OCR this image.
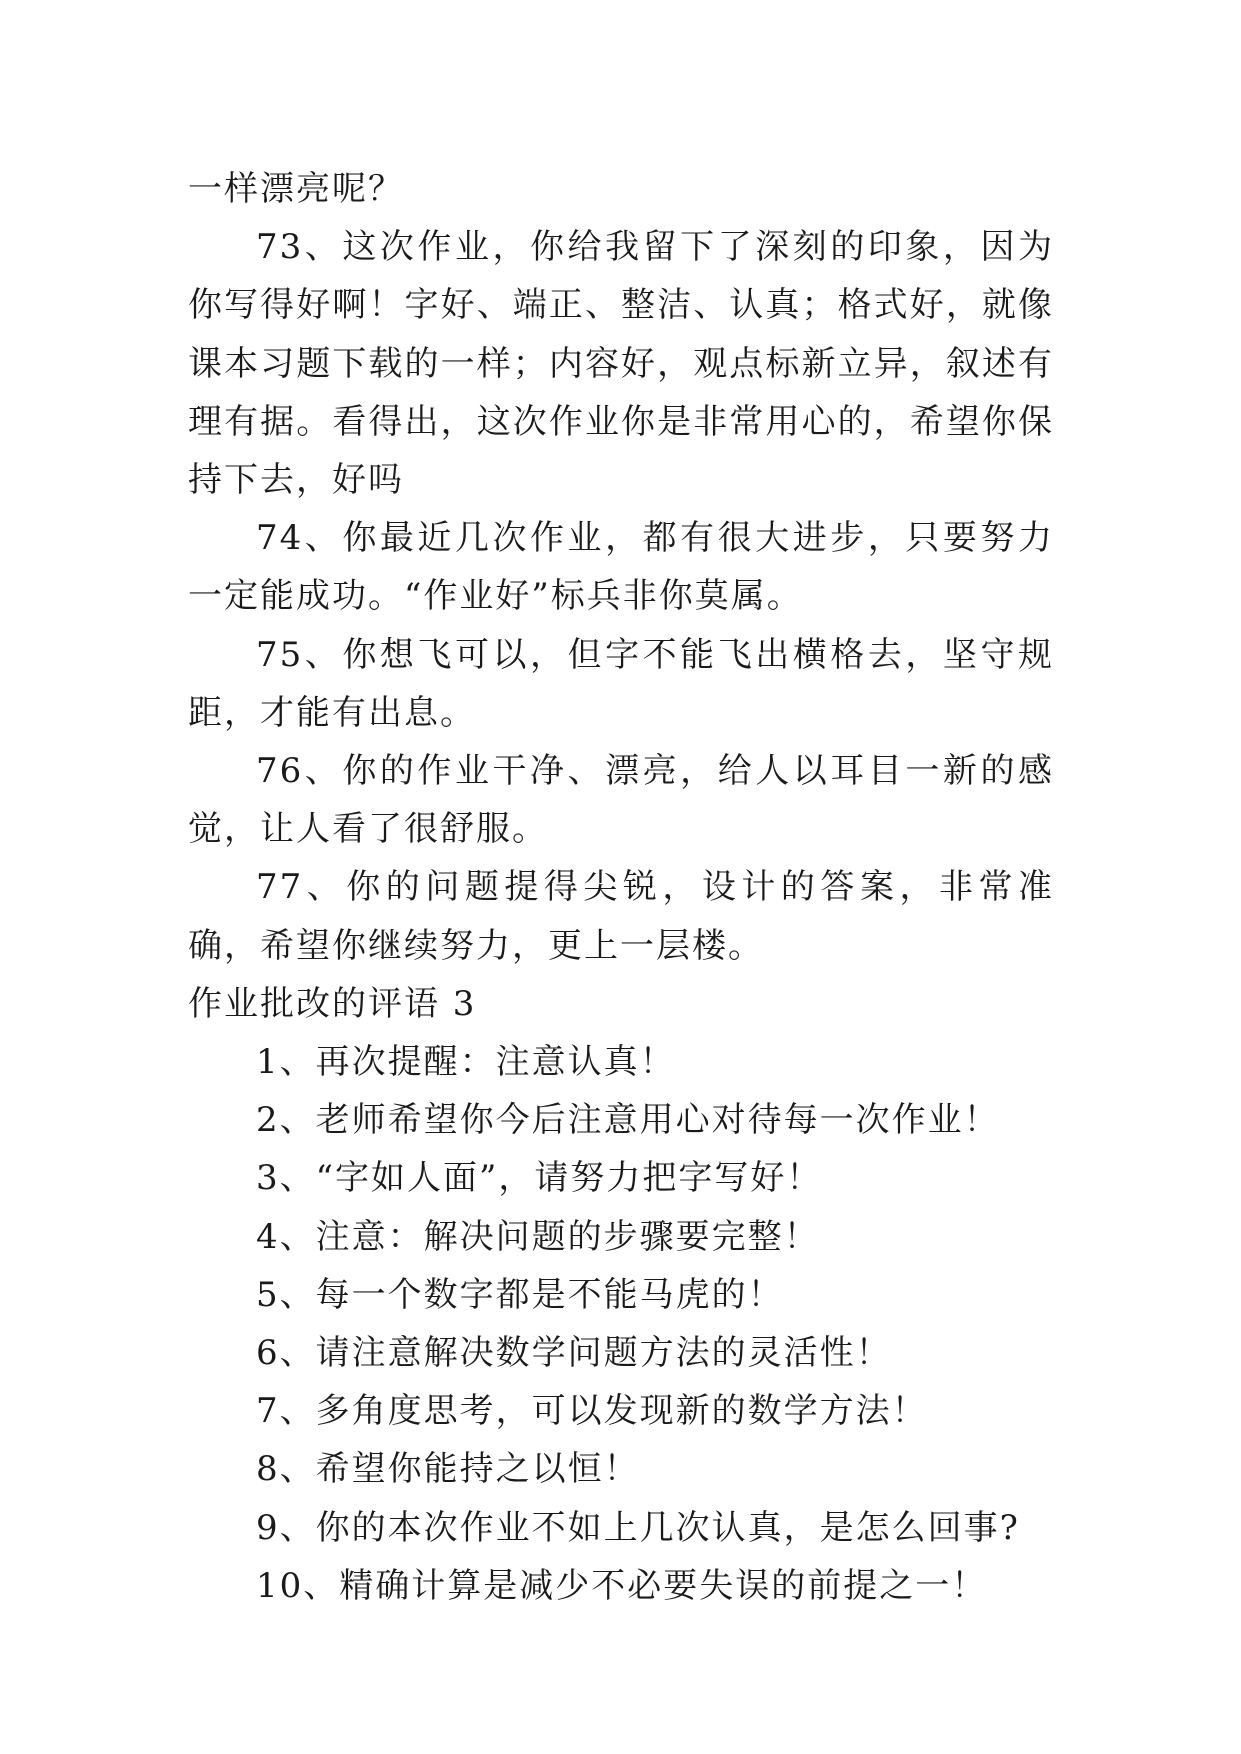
一样漂亮呢？

73、这次作业，你给我留下了深刻的印象，因为你写得好啊！字好、端正、整洁、认真；格式好，就像课本习题下载的一样；内容好，观点标新立异，叙述有理有据。看得出，这次作业你是非常用心的，希望你保持下去，好吗

74、你最近几次作业，都有很大进步，只要努力一定能成功。“作业好”标兵非你莫属。

75、你想飞可以，但字不能飞出横格去，坚守规距，才能有出息。

76、你的作业干净、漂亮，给人以耳目一新的感觉，让人看了很舒服。

77、你的问题提得尖锐，设计的答案，非常准确，希望你继续努力，更上一层楼。

作业批改的评语 3

1、再次提醒：注意认真！

2、老师希望你今后注意用心对待每一次作业！

3、“字如人面”，请努力把字写好！

4、注意：解决问题的步骤要完整！

5、每一个数字都是不能马虎的！

6、请注意解决数学问题方法的灵活性！

7、多角度思考，可以发现新的数学方法！

8、希望你能持之以恒！

9、你的本次作业不如上几次认真，是怎么回事?

10、精确计算是减少不必要失误的前提之一！
